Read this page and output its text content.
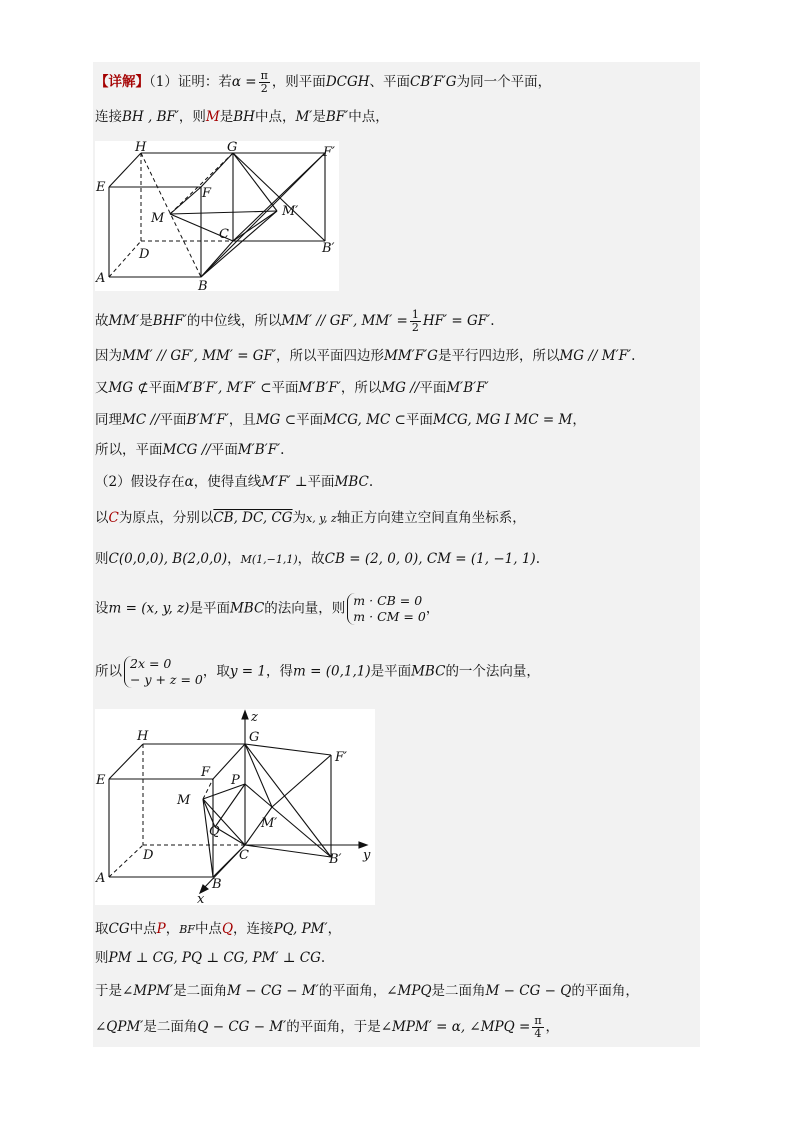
【详解】（1）证明：若$\alpha = \frac{\pi}{2}$ ，则平面DCGH、平面CB′F′G为同一个平面，
连接BH , BF′，则M是BH中点，M′是BF′中点，
H	G	F′
E	F
M	M′
C
D	B′
A
B
故MM′是BHF′的中位线，所以MM′ // GF′, $MM' = \frac{1}{2} HF' = GF'$.
因为MM′ // GF′, MM′ = GF′，所以平面四边形MM′F′G是平行四边形，所以MG // M′F′.
又MG ⊄平面M′B′F′, M′F′ ⊂平面M′B′F′，所以MG //平面M′B′F′
同理MC //平面B′M′F′，且MG ⊂平面MCG, MC ⊂平面MCG, MG I MC = M，
所以，平面MCG //平面M′B′F′.
（2）假设存在α，使得直线M′F′ ⊥平面MBC.
以C为原点，分别以CB, DC, CG为x, y, z轴正方向建立空间直角坐标系，
则C(0,0,0), B(2,0,0)，M(1,−1,1)，故CB = (2, 0, 0), CM = (1, −1, 1).
设m = (x, y, z)是平面MBC的法向量，则 m · CB = 0
m · CM = 0 ，
所以 2x = 0
− y + z = 0 ，取y = 1，得m = (0,1,1)是平面MBC的一个法向量，
z
H	G
F′
E
F
P
M
Q
M′
D	C	B′ y
A	B
x
取CG中点P，BF中点Q，连接PQ, PM′，
则PM ⊥ CG, PQ ⊥ CG, PM′ ⊥ CG.
于是∠MPM′是二面角M − CG − M′的平面角，∠MPQ是二面角M − CG − Q的平面角，
∠QPM′是二面角Q − CG − M′的平面角，于是∠MPM′ = α, ∠MPQ = $\frac{\pi}{4}$ ，
